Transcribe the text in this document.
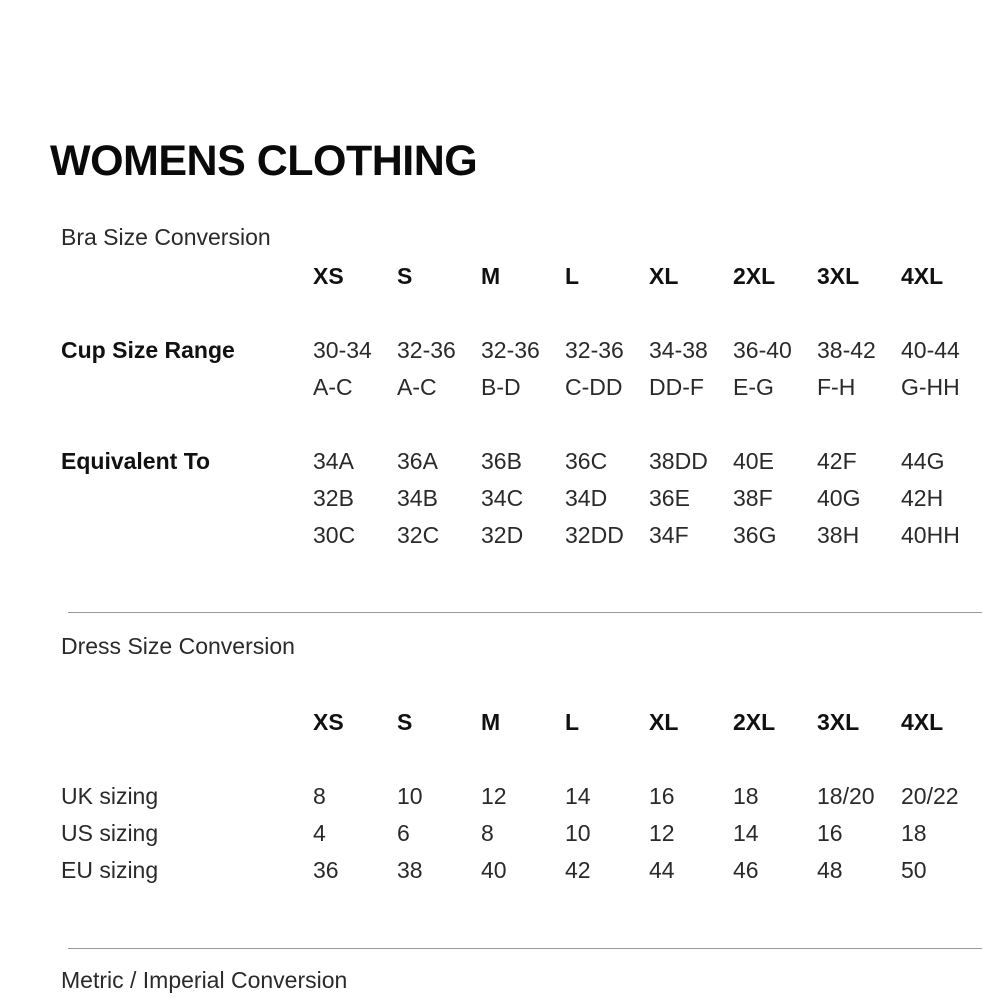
WOMENS CLOTHING
Bra Size Conversion
XS S	M	L	XL 2XL 3XL 4XL
Cup Size Range	30-34 32-36 32-36 32-36 34-38 36-40 38-42 40-44
A-C A-C B-D C-DD DD-F E-G F-H G-HH
Equivalent To	34A 36A 36B 36C 38DD 40E 42F 44G
32B 34B 34C 34D 36E 38F 40G 42H
30C 32C 32D 32DD 34F 36G 38H 40HH
Dress Size Conversion
XS S	M	L	XL 2XL 3XL 4XL
UK sizing	8	10	12	14	16	18	18/20 20/22
US sizing	4	6	8	10	12	14	16	18
EU sizing	36	38	40	42	44	46	48	50
Metric / Imperial Conversion
